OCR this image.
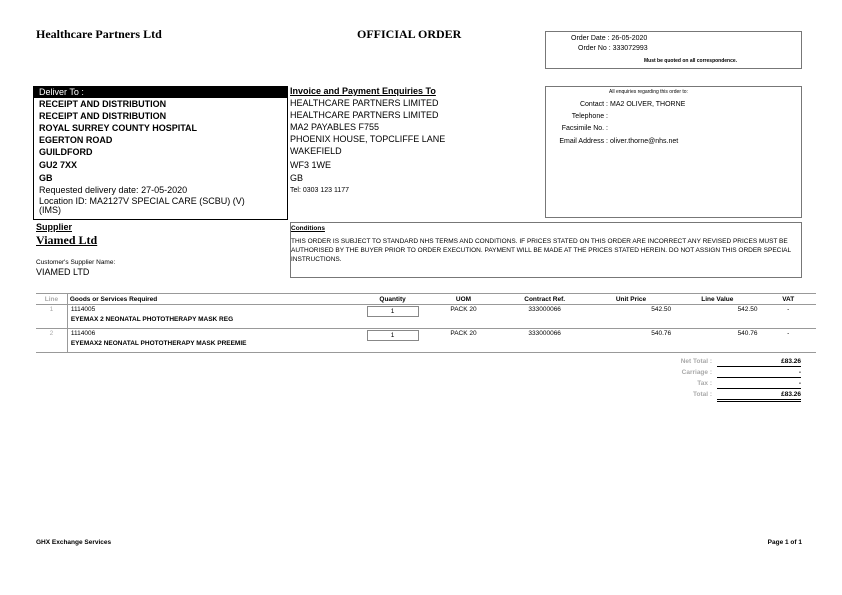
Healthcare Partners Ltd	OFFICIAL ORDER	Order Date : 26-05-2020
Order No : 333072993
Must be quoted on all correspondence.
Deliver To :
RECEIPT AND DISTRIBUTION
RECEIPT AND DISTRIBUTION
ROYAL SURREY COUNTY HOSPITAL
EGERTON ROAD
GUILDFORD
GU2 7XX
GB
Requested delivery date: 27-05-2020
Location ID: MA2127V SPECIAL CARE (SCBU) (V)
(IMS)
Invoice and Payment Enquiries To
HEALTHCARE PARTNERS LIMITED
HEALTHCARE PARTNERS LIMITED
MA2 PAYABLES F755
PHOENIX HOUSE, TOPCLIFFE LANE
WAKEFIELD
WF3 1WE
GB
Tel: 0303 123 1177
All enquiries regarding this order to:
Contact : MA2 OLIVER, THORNE
Telephone :
Facsimile No. :
Email Address : oliver.thorne@nhs.net
Supplier
Viamed Ltd
Customer's Supplier Name:
VIAMED LTD
Conditions
THIS ORDER IS SUBJECT TO STANDARD NHS TERMS AND CONDITIONS. IF PRICES STATED ON THIS ORDER ARE INCORRECT ANY REVISED PRICES MUST BE AUTHORISED BY THE BUYER PRIOR TO ORDER EXECUTION. PAYMENT WILL BE MADE AT THE PRICES STATED HEREIN. DO NOT ASSIGN THIS ORDER SPECIAL INSTRUCTIONS.
Line	Goods or Services Required	Quantity	UOM	Contract Ref.	Unit Price	Line Value	VAT
1	1114005
EYEMAX 2 NEONATAL PHOTOTHERAPY MASK REG	1	PACK 20	333000066	542.50	542.50	-
2	1114006
EYEMAX2 NEONATAL PHOTOTHERAPY MASK PREEMIE	1	PACK 20	333000066	540.76	540.76	-
Net Total :	£83.26
Carriage :	-
Tax :	-
Total :	£83.26
GHX Exchange Services	Page 1 of 1
